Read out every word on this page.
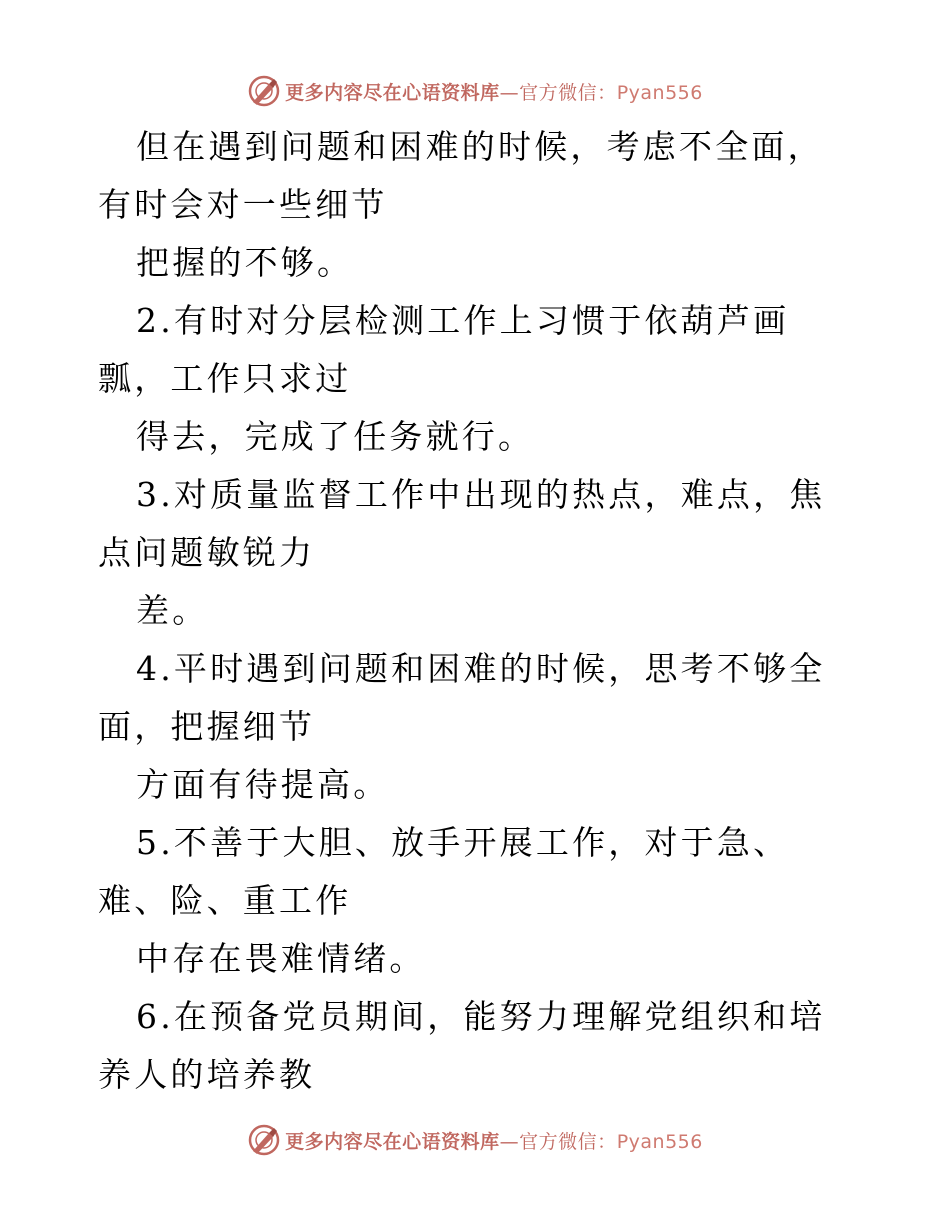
更多内容尽在心语资料库—官方微信：Pyan556

但在遇到问题和困难的时候，考虑不全面，有时会对一些细节

把握的不够。

2.有时对分层检测工作上习惯于依葫芦画瓢，工作只求过

得去，完成了任务就行。

3.对质量监督工作中出现的热点，难点，焦点问题敏锐力

差。

4.平时遇到问题和困难的时候，思考不够全面，把握细节

方面有待提高。

5.不善于大胆、放手开展工作，对于急、难、险、重工作

中存在畏难情绪。

6.在预备党员期间，能努力理解党组织和培养人的培养教

更多内容尽在心语资料库—官方微信：Pyan556
